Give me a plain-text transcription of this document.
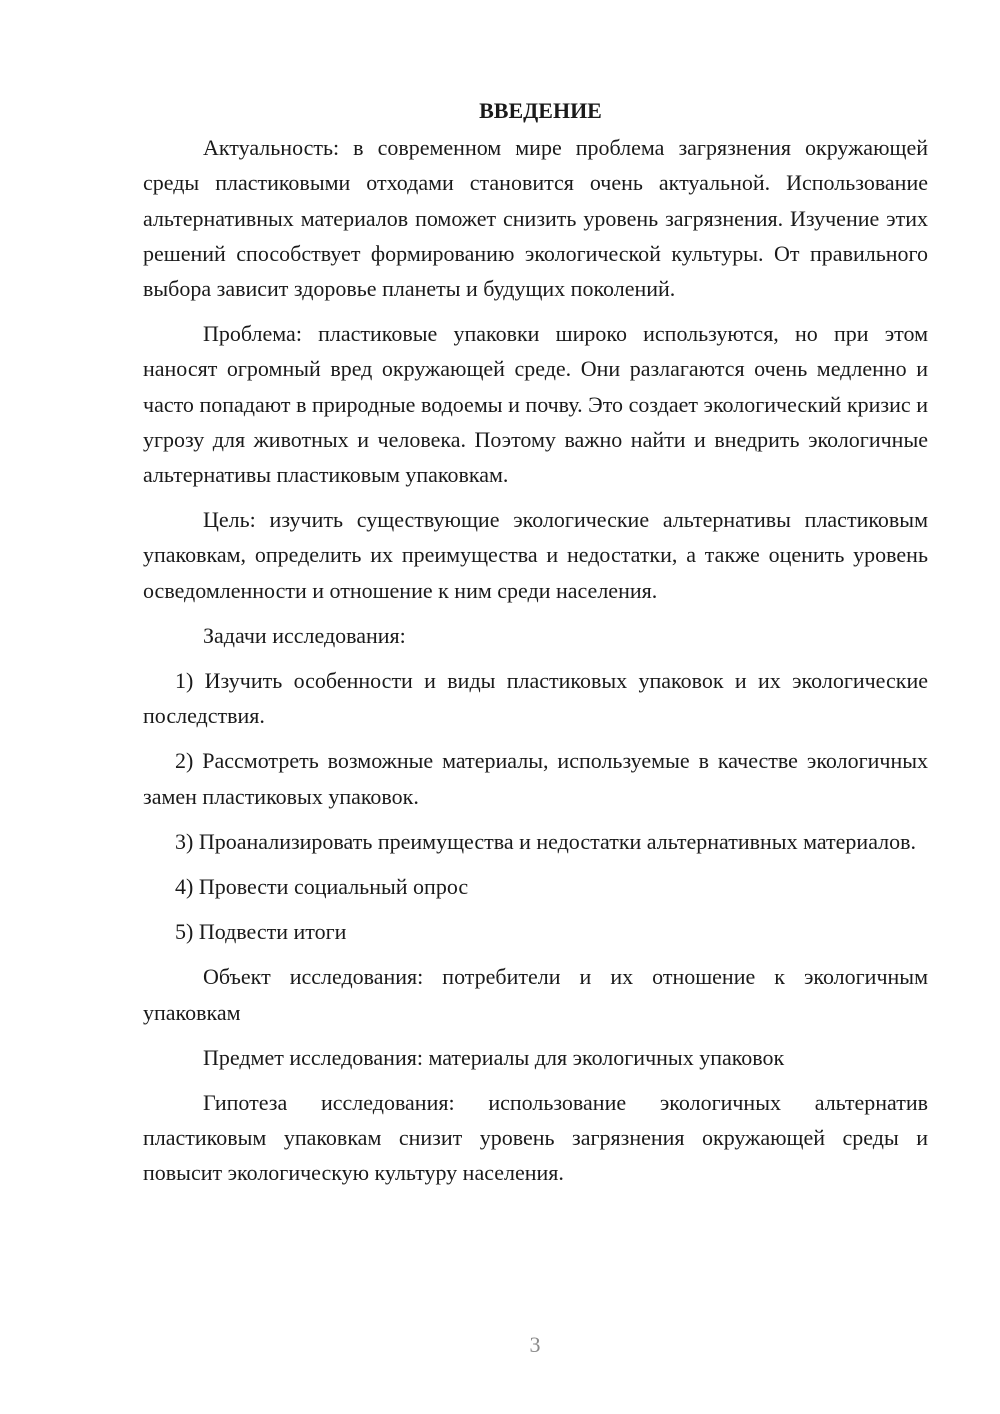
ВВЕДЕНИЕ

Актуальность: в современном мире проблема загрязнения окружающей среды пластиковыми отходами становится очень актуальной. Использование альтернативных материалов поможет снизить уровень загрязнения. Изучение этих решений способствует формированию экологической культуры. От правильного выбора зависит здоровье планеты и будущих поколений.

Проблема: пластиковые упаковки широко используются, но при этом наносят огромный вред окружающей среде. Они разлагаются очень медленно и часто попадают в природные водоемы и почву. Это создает экологический кризис и угрозу для животных и человека. Поэтому важно найти и внедрить экологичные альтернативы пластиковым упаковкам.

Цель: изучить существующие экологические альтернативы пластиковым упаковкам, определить их преимущества и недостатки, а также оценить уровень осведомленности и отношение к ним среди населения.

Задачи исследования:

1) Изучить особенности и виды пластиковых упаковок и их экологические последствия.

2) Рассмотреть возможные материалы, используемые в качестве экологичных замен пластиковых упаковок.

3) Проанализировать преимущества и недостатки альтернативных материалов.

4) Провести социальный опрос

5) Подвести итоги

Объект исследования: потребители и их отношение к экологичным упаковкам

Предмет исследования: материалы для экологичных упаковок

Гипотеза исследования: использование экологичных альтернатив пластиковым упаковкам снизит уровень загрязнения окружающей среды и повысит экологическую культуру населения.

3
